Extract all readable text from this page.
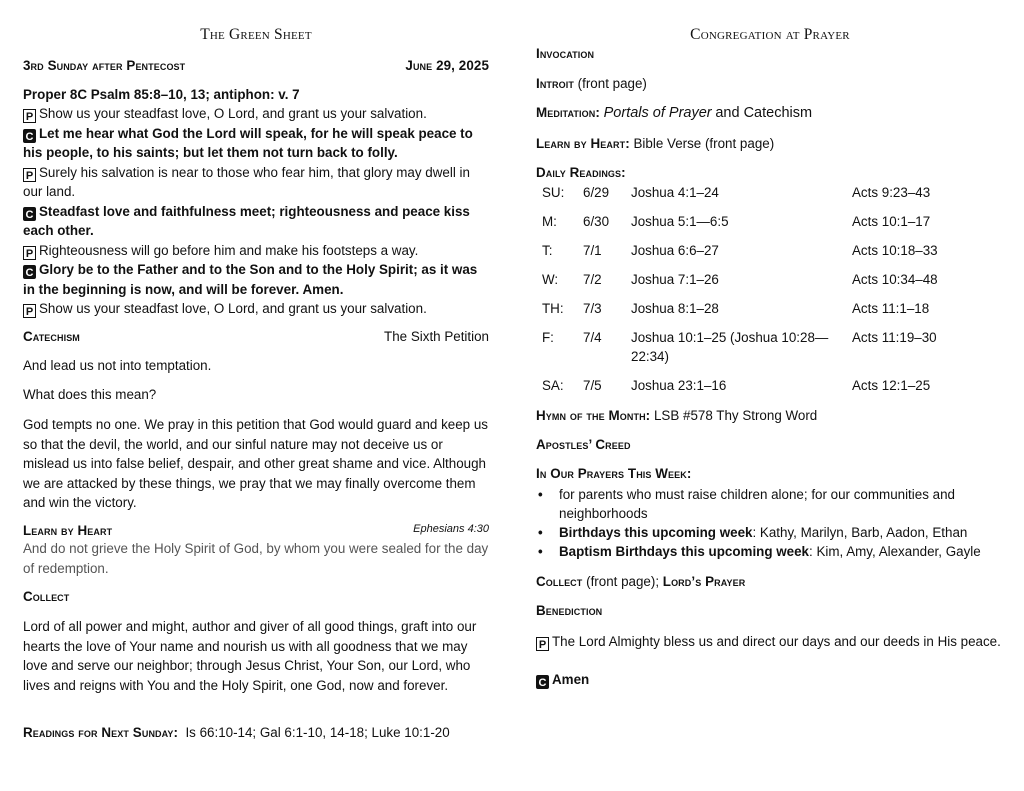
The Green Sheet
3rd Sunday after Pentecost	June 29, 2025
Proper 8C Psalm 85:8–10, 13; antiphon: v. 7
P Show us your steadfast love, O Lord, and grant us your salvation.
C Let me hear what God the Lord will speak, for he will speak peace to his people, to his saints; but let them not turn back to folly.
P Surely his salvation is near to those who fear him, that glory may dwell in our land.
C Steadfast love and faithfulness meet; righteousness and peace kiss each other.
P Righteousness will go before him and make his footsteps a way.
C Glory be to the Father and to the Son and to the Holy Spirit; as it was in the beginning is now, and will be forever. Amen.
P Show us your steadfast love, O Lord, and grant us your salvation.
Catechism	The Sixth Petition
And lead us not into temptation.
What does this mean?
God tempts no one. We pray in this petition that God would guard and keep us so that the devil, the world, and our sinful nature may not deceive us or mislead us into false belief, despair, and other great shame and vice. Although we are attacked by these things, we pray that we may finally overcome them and win the victory.
Learn by Heart	Ephesians 4:30
And do not grieve the Holy Spirit of God, by whom you were sealed for the day of redemption.
Collect
Lord of all power and might, author and giver of all good things, graft into our hearts the love of Your name and nourish us with all goodness that we may love and serve our neighbor; through Jesus Christ, Your Son, our Lord, who lives and reigns with You and the Holy Spirit, one God, now and forever.
Readings for Next Sunday: Is 66:10-14; Gal 6:1-10, 14-18; Luke 10:1-20
Congregation at Prayer
Invocation
Introit (front page)
Meditation: Portals of Prayer and Catechism
Learn by Heart: Bible Verse (front page)
Daily Readings:
SU:	6/29	Joshua 4:1–24	Acts 9:23–43
M:	6/30	Joshua 5:1—6:5	Acts 10:1–17
T:	7/1	Joshua 6:6–27	Acts 10:18–33
W:	7/2	Joshua 7:1–26	Acts 10:34–48
TH:	7/3	Joshua 8:1–28	Acts 11:1–18
F:	7/4	Joshua 10:1–25 (Joshua 10:28—22:34)	Acts 11:19–30
SA:	7/5	Joshua 23:1–16	Acts 12:1–25
Hymn of the Month: LSB #578 Thy Strong Word
Apostles’ Creed
In Our Prayers This Week:
• for parents who must raise children alone; for our communities and neighborhoods
• Birthdays this upcoming week: Kathy, Marilyn, Barb, Aadon, Ethan
• Baptism Birthdays this upcoming week: Kim, Amy, Alexander, Gayle
Collect (front page); Lord’s Prayer
Benediction
P The Lord Almighty bless us and direct our days and our deeds in His peace.
C Amen
